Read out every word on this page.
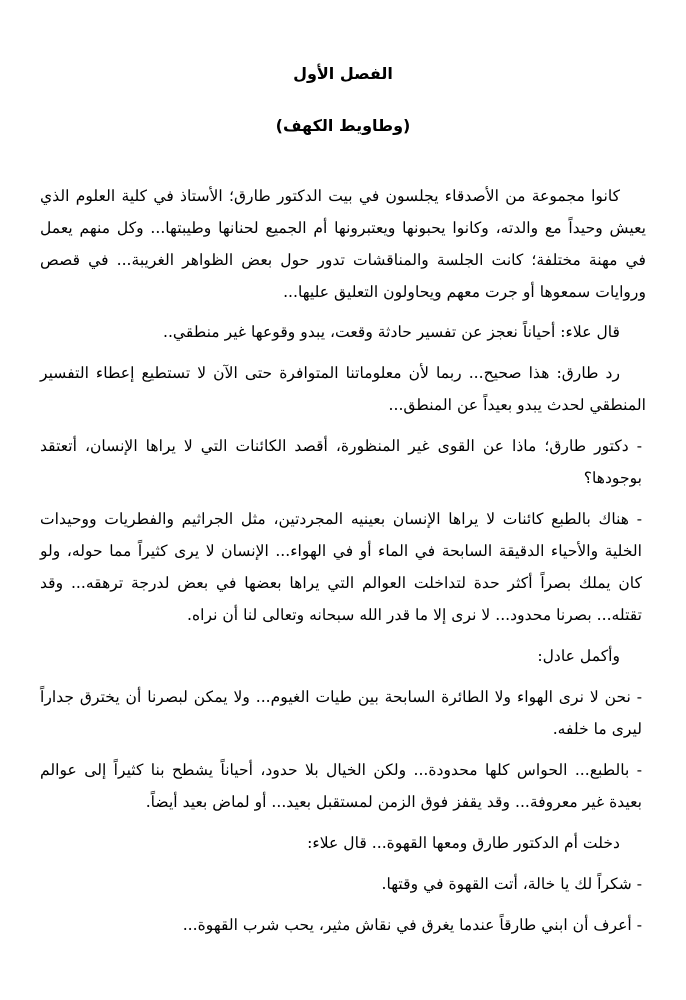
الفصل الأول
(وطاويط الكهف)

كانوا مجموعة من الأصدقاء يجلسون في بيت الدكتور طارق؛ الأستاذ في كلية العلوم الذي يعيش وحيداً مع والدته، وكانوا يحبونها ويعتبرونها أم الجميع لحنانها وطيبتها... وكل منهم يعمل في مهنة مختلفة؛ كانت الجلسة والمناقشات تدور حول بعض الظواهر الغريبة... في قصص وروايات سمعوها أو جرت معهم ويحاولون التعليق عليها...

قال علاء: أحياناً نعجز عن تفسير حادثة وقعت، يبدو وقوعها غير منطقي..

رد طارق: هذا صحيح... ربما لأن معلوماتنا المتوافرة حتى الآن لا تستطيع إعطاء التفسير المنطقي لحدث يبدو بعيداً عن المنطق...

- دكتور طارق؛ ماذا عن القوى غير المنظورة، أقصد الكائنات التي لا يراها الإنسان، أتعتقد بوجودها؟

- هناك بالطبع كائنات لا يراها الإنسان بعينيه المجردتين، مثل الجراثيم والفطريات ووحيدات الخلية والأحياء الدقيقة السابحة في الماء أو في الهواء... الإنسان لا يرى كثيراً مما حوله، ولو كان يملك بصراً أكثر حدة لتداخلت العوالم التي يراها بعضها في بعض لدرجة ترهقه... وقد تقتله... بصرنا محدود... لا نرى إلا ما قدر الله سبحانه وتعالى لنا أن نراه.

وأكمل عادل:

- نحن لا نرى الهواء ولا الطائرة السابحة بين طيات الغيوم... ولا يمكن لبصرنا أن يخترق جداراً ليرى ما خلفه.

- بالطبع... الحواس كلها محدودة... ولكن الخيال بلا حدود، أحياناً يشطح بنا كثيراً إلى عوالم بعيدة غير معروفة... وقد يقفز فوق الزمن لمستقبل بعيد... أو لماض بعيد أيضاً.

دخلت أم الدكتور طارق ومعها القهوة... قال علاء:

- شكراً لك يا خالة، أتت القهوة في وقتها.

- أعرف أن ابني طارقاً عندما يغرق في نقاش مثير، يحب شرب القهوة...
